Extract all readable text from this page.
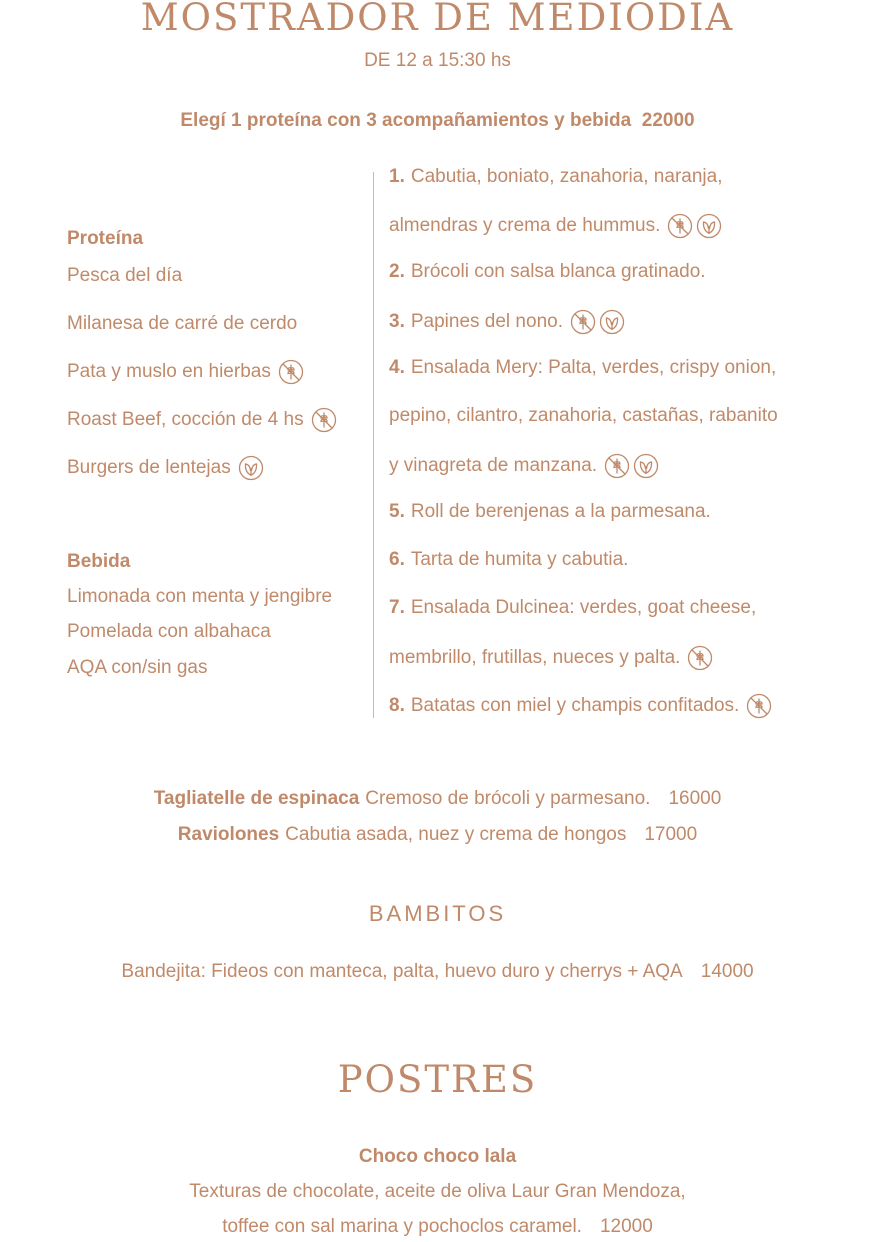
MOSTRADOR DE MEDIODIA
DE 12 a 15:30 hs
Elegí 1 proteína con 3 acompañamientos y bebida  22000
Proteína
Pesca del día
Milanesa de carré de cerdo
Pata y muslo en hierbas
Roast Beef, cocción de 4 hs
Burgers de lentejas
Bebida
Limonada con menta y jengibre
Pomelada con albahaca
AQA con/sin gas
1. Cabutia, boniato, zanahoria, naranja,
almendras y crema de hummus.
2. Brócoli con salsa blanca gratinado.
3. Papines del nono.
4. Ensalada Mery: Palta, verdes, crispy onion,
pepino, cilantro, zanahoria, castañas, rabanito
y vinagreta de manzana.
5. Roll de berenjenas a la parmesana.
6. Tarta de humita y cabutia.
7. Ensalada Dulcinea: verdes, goat cheese,
membrillo, frutillas, nueces y palta.
8. Batatas con miel y champis confitados.
Tagliatelle de espinaca Cremoso de brócoli y parmesano. 16000
Raviolones Cabutia asada, nuez y crema de hongos 17000
BAMBITOS
Bandejita: Fideos con manteca, palta, huevo duro y cherrys + AQA 14000
POSTRES
Choco choco lala
Texturas de chocolate, aceite de oliva Laur Gran Mendoza,
toffee con sal marina y pochoclos caramel. 12000
